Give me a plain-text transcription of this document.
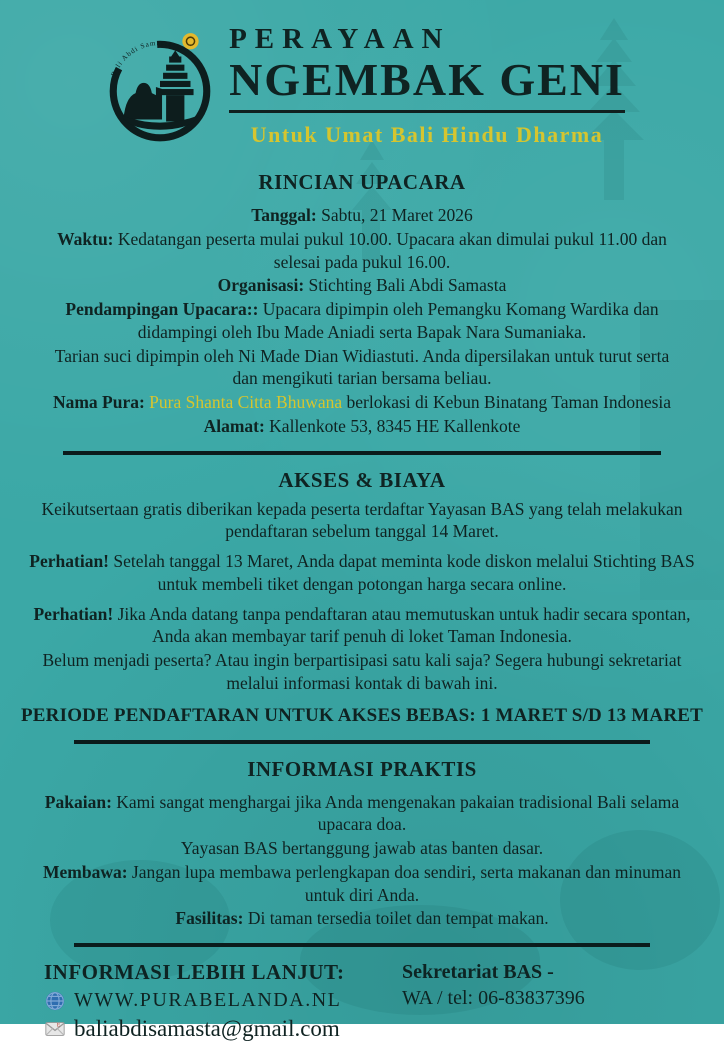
Bali Abdi Samasta PERAYAAN
NGEMBAK GENI
Untuk Umat Bali Hindu Dharma
RINCIAN UPACARA

Tanggal: Sabtu, 21 Maret 2026

Waktu: Kedatangan peserta mulai pukul 10.00. Upacara akan dimulai pukul 11.00 dan selesai pada pukul 16.00.

Organisasi: Stichting Bali Abdi Samasta

Pendampingan Upacara:: Upacara dipimpin oleh Pemangku Komang Wardika dan didampingi oleh Ibu Made Aniadi serta Bapak Nara Sumaniaka.

Tarian suci dipimpin oleh Ni Made Dian Widiastuti. Anda dipersilakan untuk turut serta dan mengikuti tarian bersama beliau.

Nama Pura: Pura Shanta Citta Bhuwana berlokasi di Kebun Binatang Taman Indonesia

Alamat: Kallenkote 53, 8345 HE Kallenkote

AKSES & BIAYA

Keikutsertaan gratis diberikan kepada peserta terdaftar Yayasan BAS yang telah melakukan pendaftaran sebelum tanggal 14 Maret.

Perhatian! Setelah tanggal 13 Maret, Anda dapat meminta kode diskon melalui Stichting BAS untuk membeli tiket dengan potongan harga secara online.

Perhatian! Jika Anda datang tanpa pendaftaran atau memutuskan untuk hadir secara spontan, Anda akan membayar tarif penuh di loket Taman Indonesia.

Belum menjadi peserta? Atau ingin berpartisipasi satu kali saja? Segera hubungi sekretariat melalui informasi kontak di bawah ini.

PERIODE PENDAFTARAN UNTUK AKSES BEBAS: 1 MARET S/D 13 MARET
INFORMASI PRAKTIS

Pakaian: Kami sangat menghargai jika Anda mengenakan pakaian tradisional Bali selama upacara doa.

Yayasan BAS bertanggung jawab atas banten dasar.

Membawa: Jangan lupa membawa perlengkapan doa sendiri, serta makanan dan minuman untuk diri Anda.

Fasilitas: Di taman tersedia toilet dan tempat makan.

INFORMASI LEBIH LANJUT:
WWW.PURABELANDA.NL
E baliabdisamasta@gmail.com
Sekretariat BAS -
WA / tel: 06-83837396
